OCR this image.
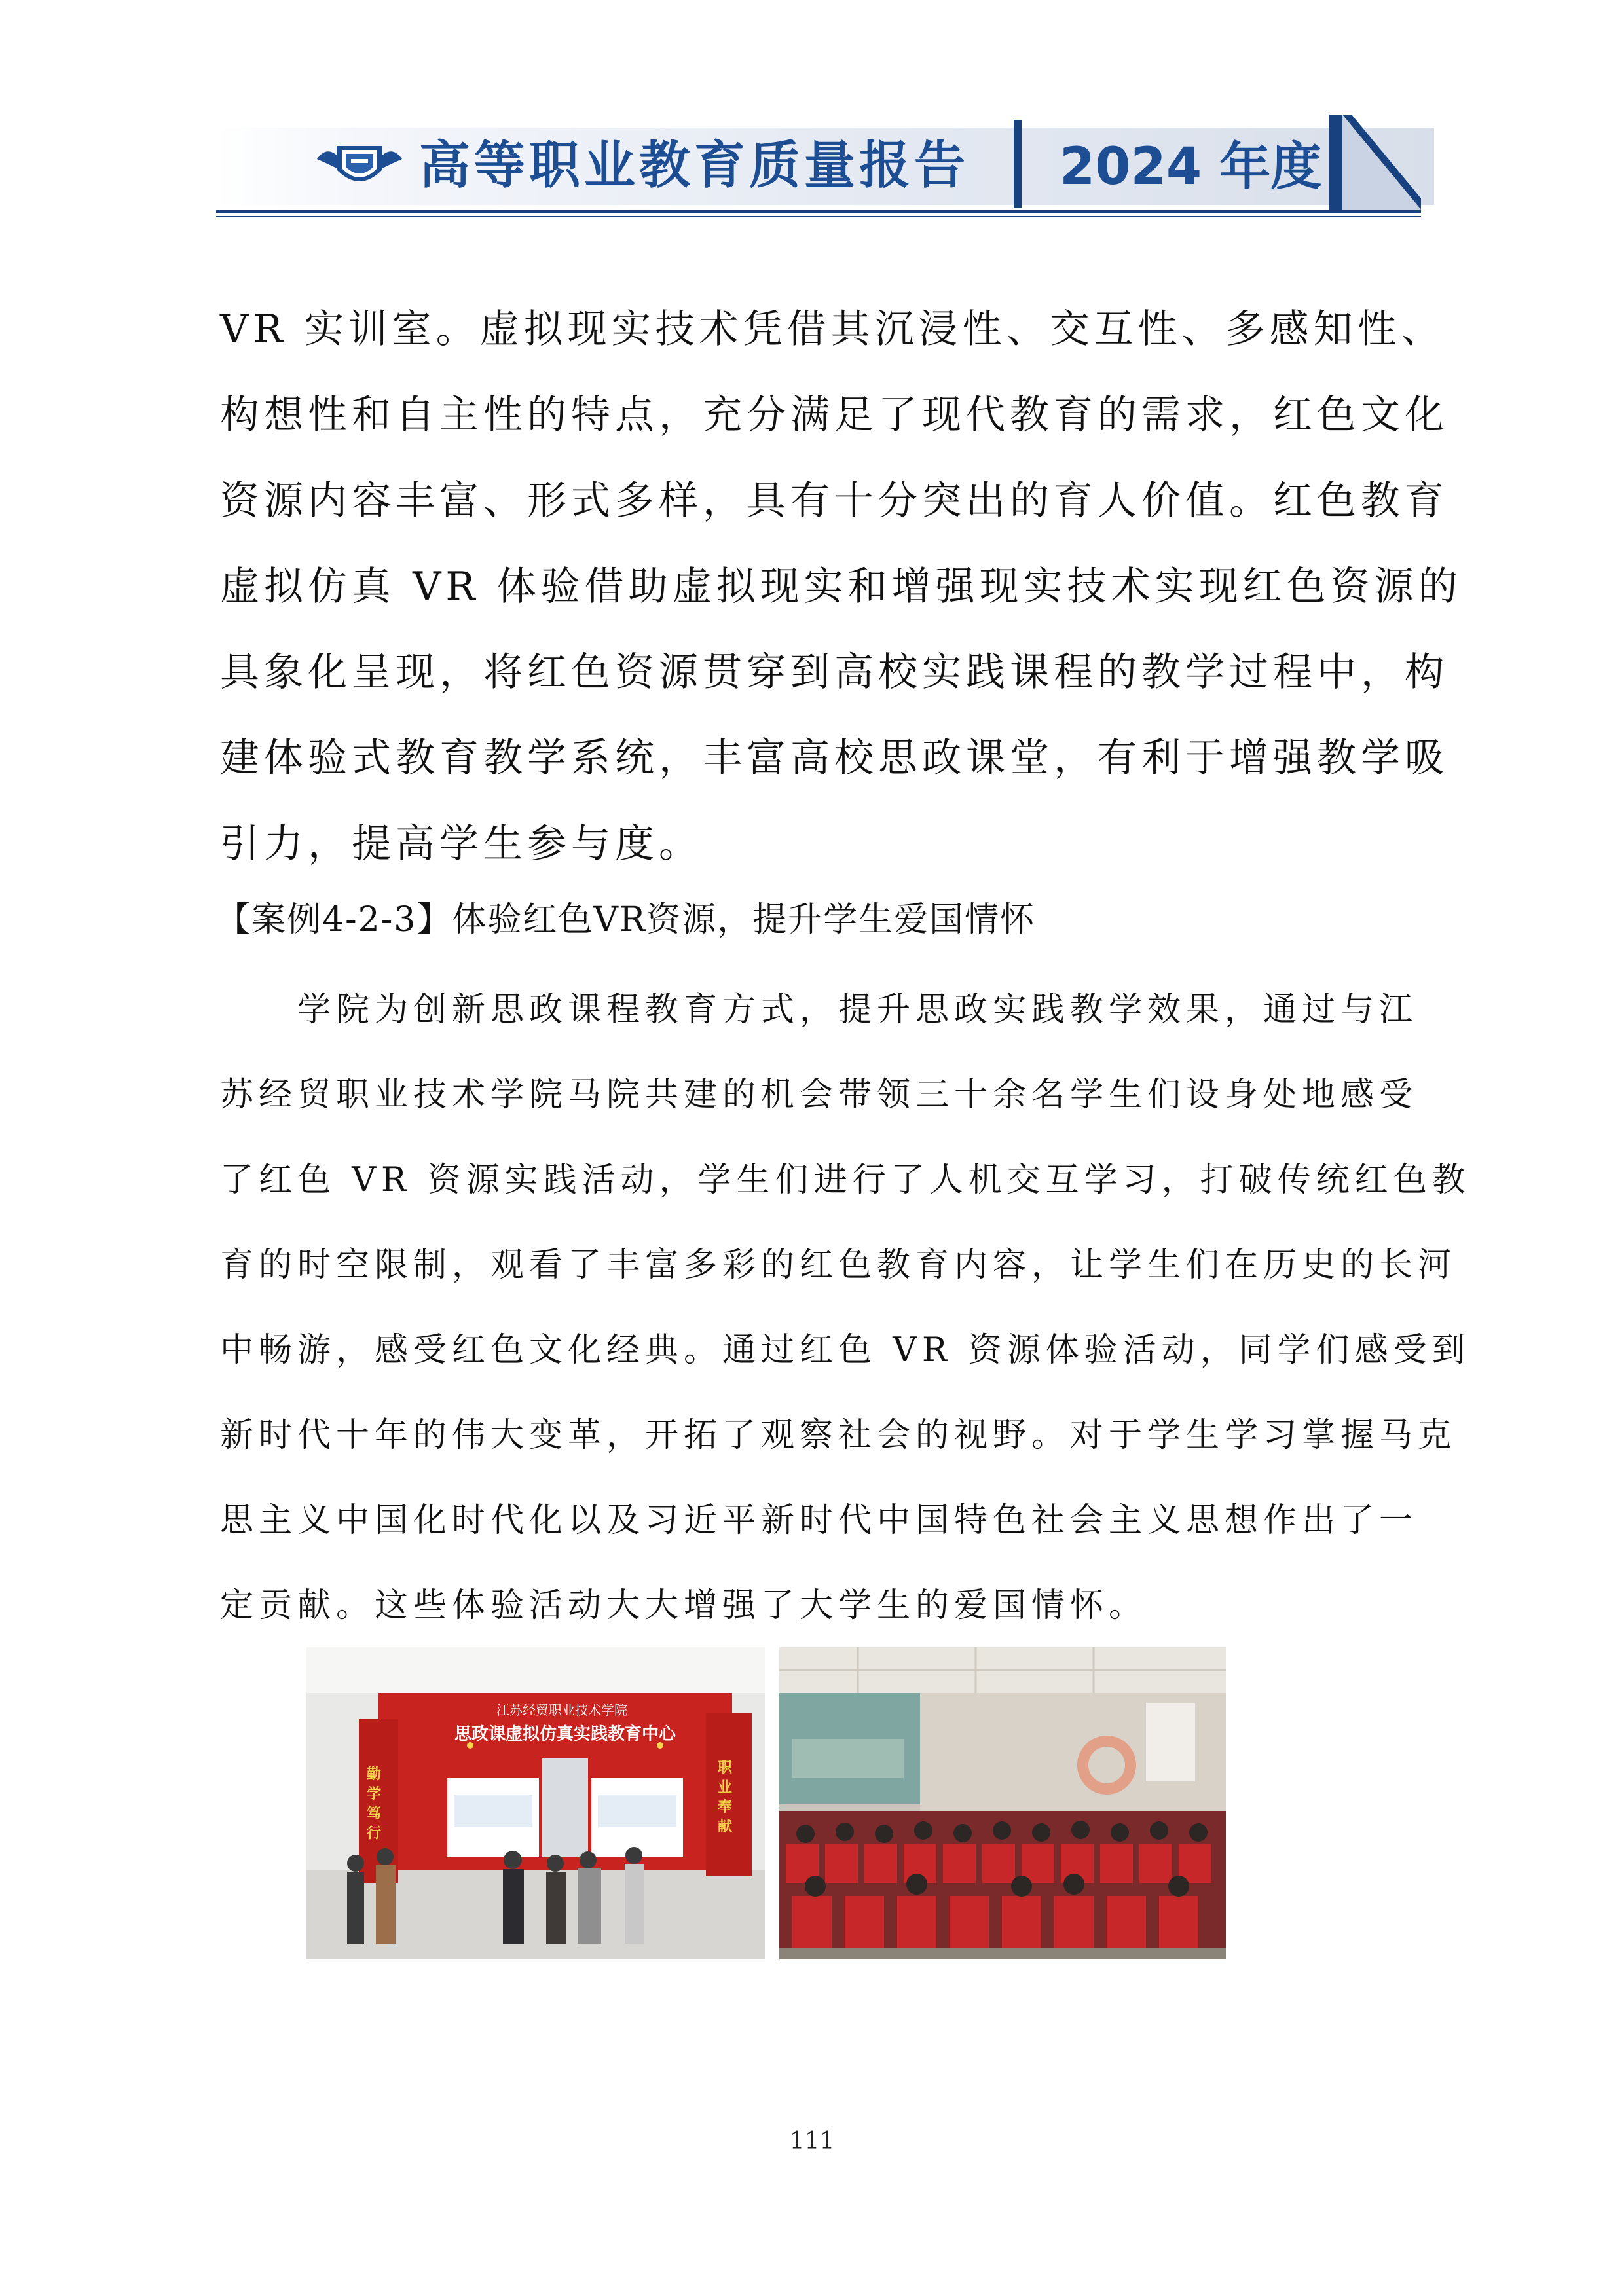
高等职业教育质量报告 2024 年度
VR 实训室。虚拟现实技术凭借其沉浸性、交互性、多感知性、
构想性和自主性的特点，充分满足了现代教育的需求，红色文化
资源内容丰富、形式多样，具有十分突出的育人价值。红色教育
虚拟仿真 VR 体验借助虚拟现实和增强现实技术实现红色资源的
具象化呈现，将红色资源贯穿到高校实践课程的教学过程中，构
建体验式教育教学系统，丰富高校思政课堂，有利于增强教学吸
引力，提高学生参与度。
【案例4-2-3】体验红色VR资源，提升学生爱国情怀
　　学院为创新思政课程教育方式，提升思政实践教学效果，通过与江
苏经贸职业技术学院马院共建的机会带领三十余名学生们设身处地感受
了红色 VR 资源实践活动，学生们进行了人机交互学习，打破传统红色教
育的时空限制，观看了丰富多彩的红色教育内容，让学生们在历史的长河
中畅游，感受红色文化经典。通过红色 VR 资源体验活动，同学们感受到
新时代十年的伟大变革，开拓了观察社会的视野。对于学生学习掌握马克
思主义中国化时代化以及习近平新时代中国特色社会主义思想作出了一
定贡献。这些体验活动大大增强了大学生的爱国情怀。
江苏经贸职业技术学院
思政课虚拟仿真实践教育中心
勤学笃行
职业奉献
111
